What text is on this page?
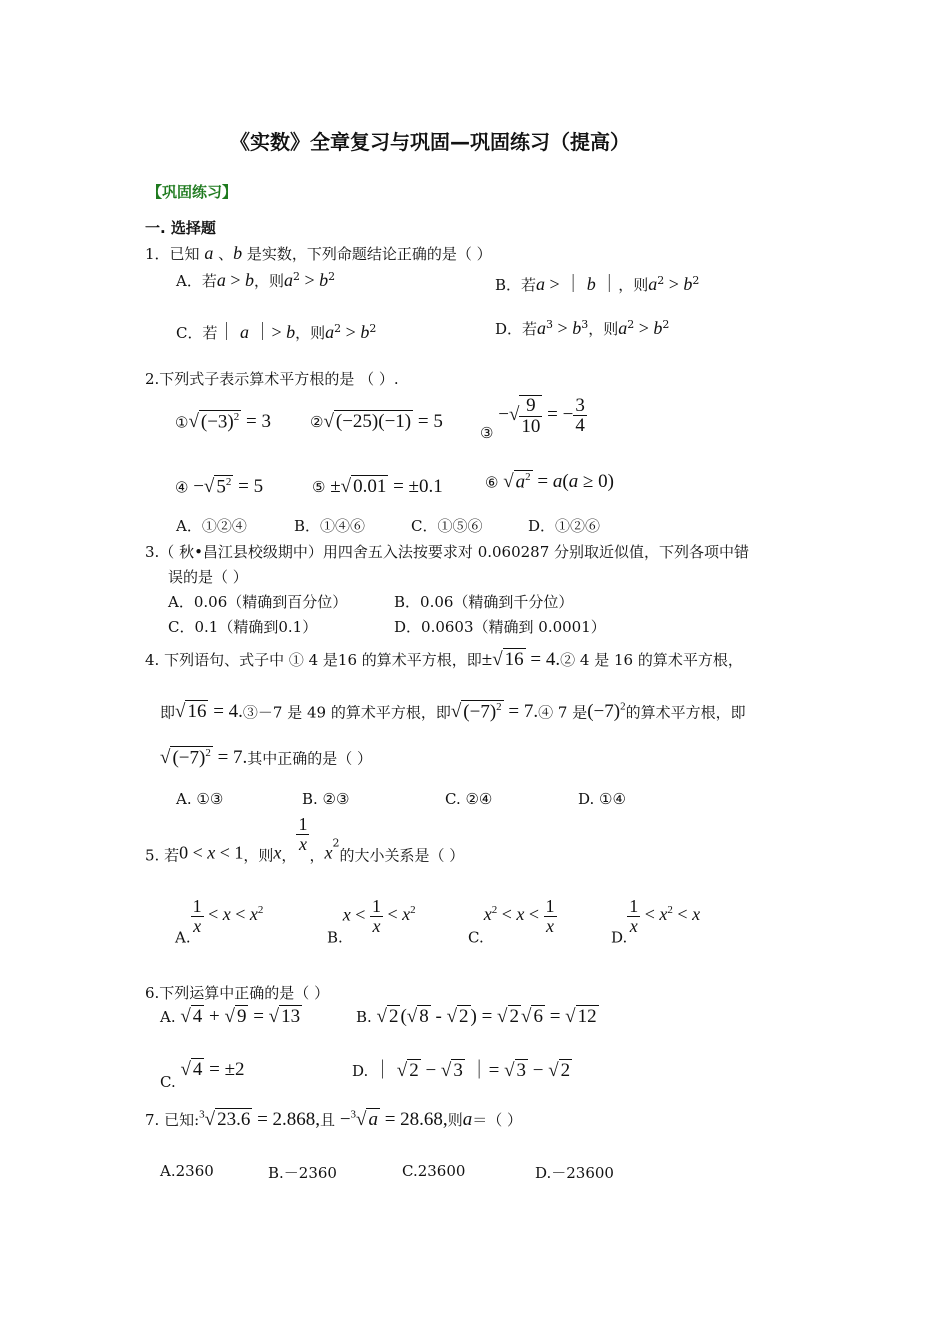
《实数》全章复习与巩固—巩固练习（提高）
【巩固练习】
一. 选择题
1．已知 a 、b 是实数，下列命题结论正确的是（ ）
A．若a > b，则$a^2 > b^2$	B．若a > ｜ b ｜，则$a^2 > b^2$
C．若｜ a ｜> b，则$a^2 > b^2$	D．若$a^3 > b^3$，则$a^2 > b^2$
2.下列式子表示算术平方根的是 （ ）.
①√ $(-3)^2 = 3$	②√ (−25)(−1) = 5
③ −√ $\frac{9}{10}$ = − $\frac{3}{4}$
④ −√ $5^2 = 5$	⑤ ±√ 0.01 = ±0.1	⑥ √ $a^2 = a(a \ge 0)$
A．①②④	B．①④⑥	C．①⑤⑥	D．①②⑥
3.（ 秋•昌江县校级期中）用四舍五入法按要求对 0.060287 分别取近似值，下列各项中错
误的是（ ）
A．0.06（精确到百分位）	B．0.06（精确到千分位）
C．0.1（精确到0.1）	D．0.0603（精确到 0.0001）
4. 下列语句、式子中 ① 4 是16 的算术平方根，即±√ 16 = 4.② 4 是 16 的算术平方根，
即√ 16 = 4.③－7 是 49 的算术平方根，即√ $(-7)^2$ = 7.④ 7 是$(-7)^2$的算术平方根，即
√ $(-7)^2 = 7$.其中正确的是（ ）
A. ①③	B. ②③	C. ②④	D. ①④
5. 若0 < x < 1，则x，
$\frac{1}{x}$
，$x^2$的大小关系是（ ）
A.
$\frac{1}{x} < x < x^2$
$B.x < \frac{1}{x} < x^2$
$C.x^2 < x < \frac{1}{x}$
D.
$\frac{1}{x} < x^2 < x$
6.下列运算中正确的是（ ）
A. √ 4 + √ 9 = √ 13	B. √ 2 (√ 8 - √ 2 ) = √ 2 √ 6 = √ 12
C. √ 4 = ±2	D. ｜ √ 2 − √ 3 ｜= √ 3 − √ 2
7. 已知:$^3$√ 23.6 = 2.868,且 −$^3$√ a = 28.68,则a＝（ ）
A.2360	B.－2360	C.23600	D.－23600
